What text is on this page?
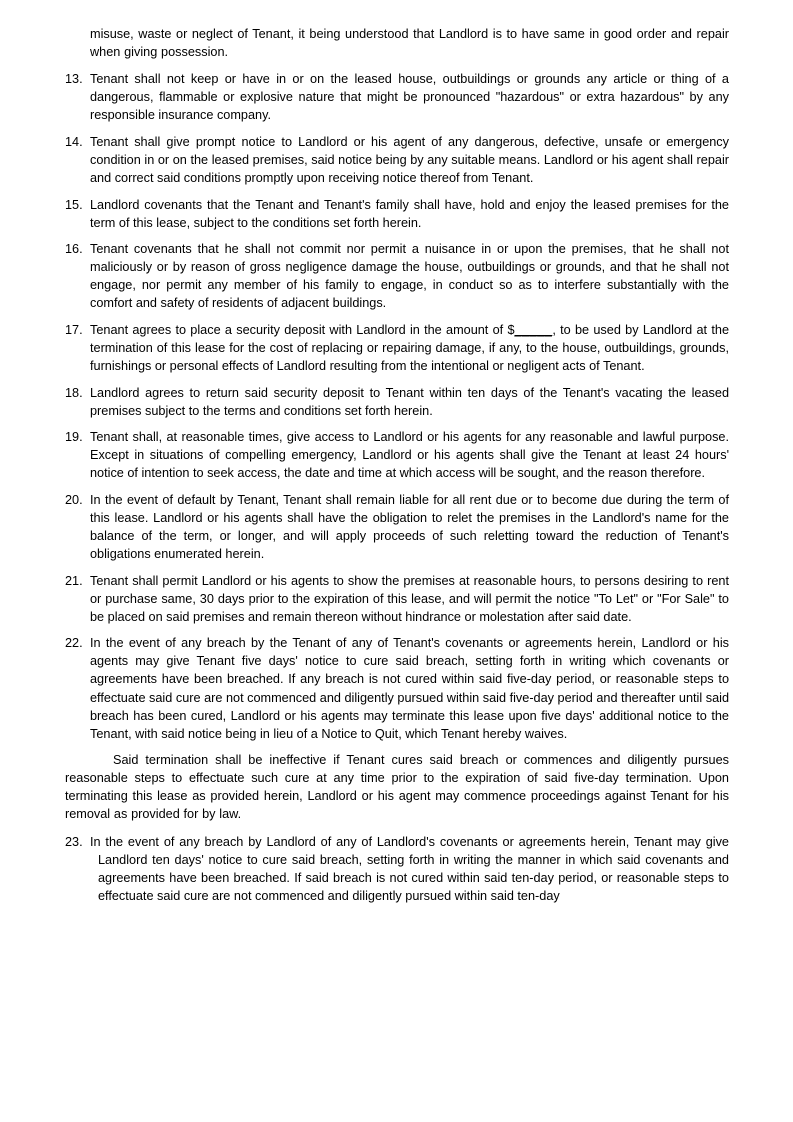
misuse, waste or neglect of Tenant, it being understood that Landlord is to have same in good order and repair when giving possession.

13. Tenant shall not keep or have in or on the leased house, outbuildings or grounds any article or thing of a dangerous, flammable or explosive nature that might be pronounced "hazardous" or extra hazardous" by any responsible insurance company.
14. Tenant shall give prompt notice to Landlord or his agent of any dangerous, defective, unsafe or emergency condition in or on the leased premises, said notice being by any suitable means. Landlord or his agent shall repair and correct said conditions promptly upon receiving notice thereof from Tenant.
15. Landlord covenants that the Tenant and Tenant's family shall have, hold and enjoy the leased premises for the term of this lease, subject to the conditions set forth herein.
16. Tenant covenants that he shall not commit nor permit a nuisance in or upon the premises, that he shall not maliciously or by reason of gross negligence damage the house, outbuildings or grounds, and that he shall not engage, nor permit any member of his family to engage, in conduct so as to interfere substantially with the comfort and safety of residents of adjacent buildings.
17. Tenant agrees to place a security deposit with Landlord in the amount of $_____, to be used by Landlord at the termination of this lease for the cost of replacing or repairing damage, if any, to the house, outbuildings, grounds, furnishings or personal effects of Landlord resulting from the intentional or negligent acts of Tenant.
18. Landlord agrees to return said security deposit to Tenant within ten days of the Tenant's vacating the leased premises subject to the terms and conditions set forth herein.
19. Tenant shall, at reasonable times, give access to Landlord or his agents for any reasonable and lawful purpose. Except in situations of compelling emergency, Landlord or his agents shall give the Tenant at least 24 hours' notice of intention to seek access, the date and time at which access will be sought, and the reason therefore.
20. In the event of default by Tenant, Tenant shall remain liable for all rent due or to become due during the term of this lease. Landlord or his agents shall have the obligation to relet the premises in the Landlord's name for the balance of the term, or longer, and will apply proceeds of such reletting toward the reduction of Tenant's obligations enumerated herein.
21. Tenant shall permit Landlord or his agents to show the premises at reasonable hours, to persons desiring to rent or purchase same, 30 days prior to the expiration of this lease, and will permit the notice "To Let" or "For Sale" to be placed on said premises and remain thereon without hindrance or molestation after said date.
22. In the event of any breach by the Tenant of any of Tenant's covenants or agreements herein, Landlord or his agents may give Tenant five days' notice to cure said breach, setting forth in writing which covenants or agreements have been breached. If any breach is not cured within said five-day period, or reasonable steps to effectuate said cure are not commenced and diligently pursued within said five-day period and thereafter until said breach has been cured, Landlord or his agents may terminate this lease upon five days' additional notice to the Tenant, with said notice being in lieu of a Notice to Quit, which Tenant hereby waives.

Said termination shall be ineffective if Tenant cures said breach or commences and diligently pursues reasonable steps to effectuate such cure at any time prior to the expiration of said five-day termination. Upon terminating this lease as provided herein, Landlord or his agent may commence proceedings against Tenant for his removal as provided for by law.

23. In the event of any breach by Landlord of any of Landlord's covenants or agreements herein, Tenant may give Landlord ten days' notice to cure said breach, setting forth in writing the manner in which said covenants and agreements have been breached. If said breach is not cured within said ten-day period, or reasonable steps to effectuate said cure are not commenced and diligently pursued within said ten-day
